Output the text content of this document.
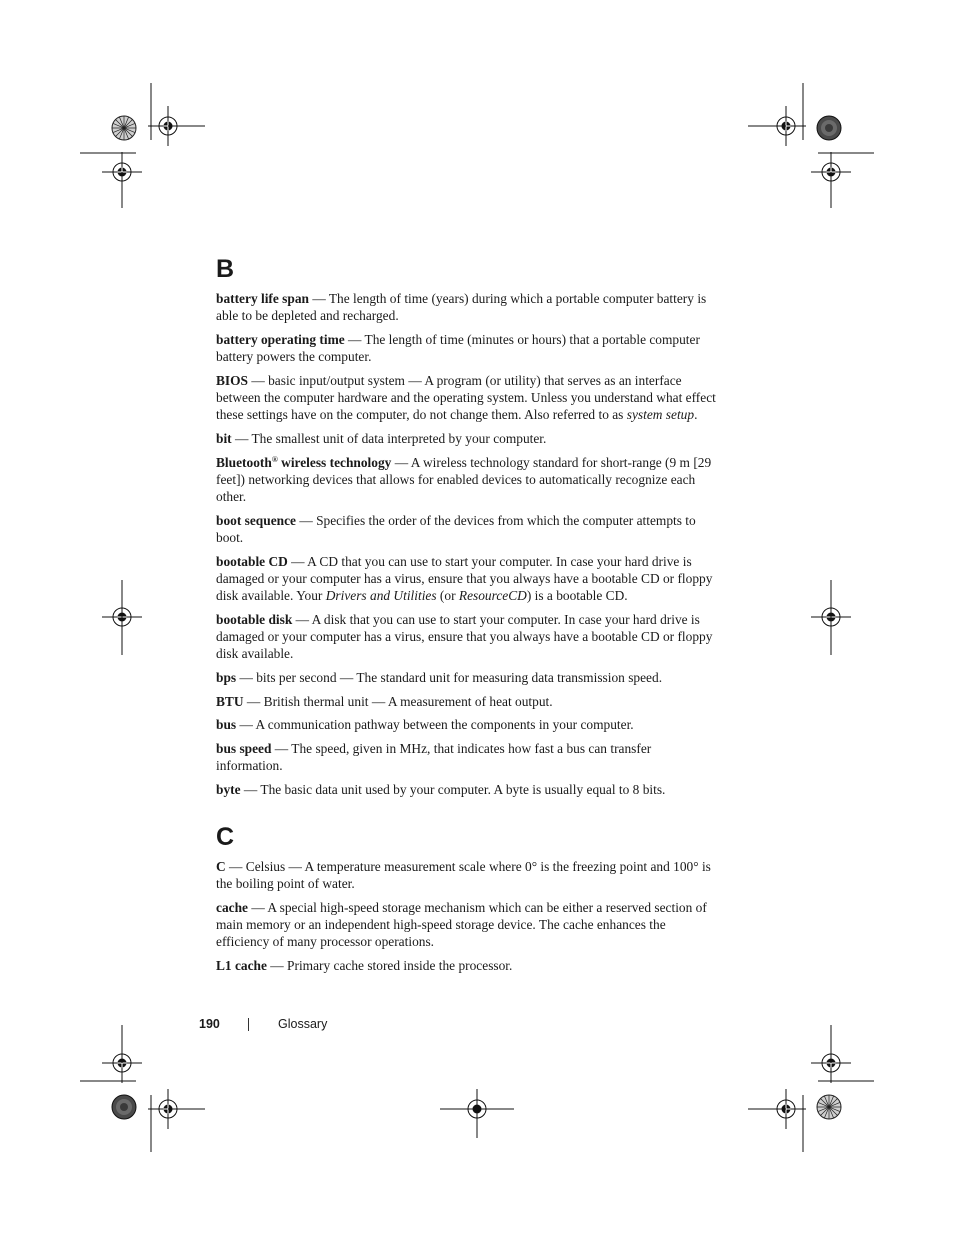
B

battery life span — The length of time (years) during which a portable computer battery is able to be depleted and recharged.

battery operating time — The length of time (minutes or hours) that a portable computer battery powers the computer.

BIOS — basic input/output system — A program (or utility) that serves as an interface between the computer hardware and the operating system. Unless you understand what effect these settings have on the computer, do not change them. Also referred to as system setup.

bit — The smallest unit of data interpreted by your computer.

Bluetooth® wireless technology — A wireless technology standard for short-range (9 m [29 feet]) networking devices that allows for enabled devices to automatically recognize each other.

boot sequence — Specifies the order of the devices from which the computer attempts to boot.

bootable CD — A CD that you can use to start your computer. In case your hard drive is damaged or your computer has a virus, ensure that you always have a bootable CD or floppy disk available. Your Drivers and Utilities (or ResourceCD) is a bootable CD.

bootable disk — A disk that you can use to start your computer. In case your hard drive is damaged or your computer has a virus, ensure that you always have a bootable CD or floppy disk available.

bps — bits per second — The standard unit for measuring data transmission speed.

BTU — British thermal unit — A measurement of heat output.

bus — A communication pathway between the components in your computer.

bus speed — The speed, given in MHz, that indicates how fast a bus can transfer information.

byte — The basic data unit used by your computer. A byte is usually equal to 8 bits.

C

C — Celsius — A temperature measurement scale where 0° is the freezing point and 100° is the boiling point of water.

cache — A special high-speed storage mechanism which can be either a reserved section of main memory or an independent high-speed storage device. The cache enhances the efficiency of many processor operations.

L1 cache — Primary cache stored inside the processor.

190	Glossary
